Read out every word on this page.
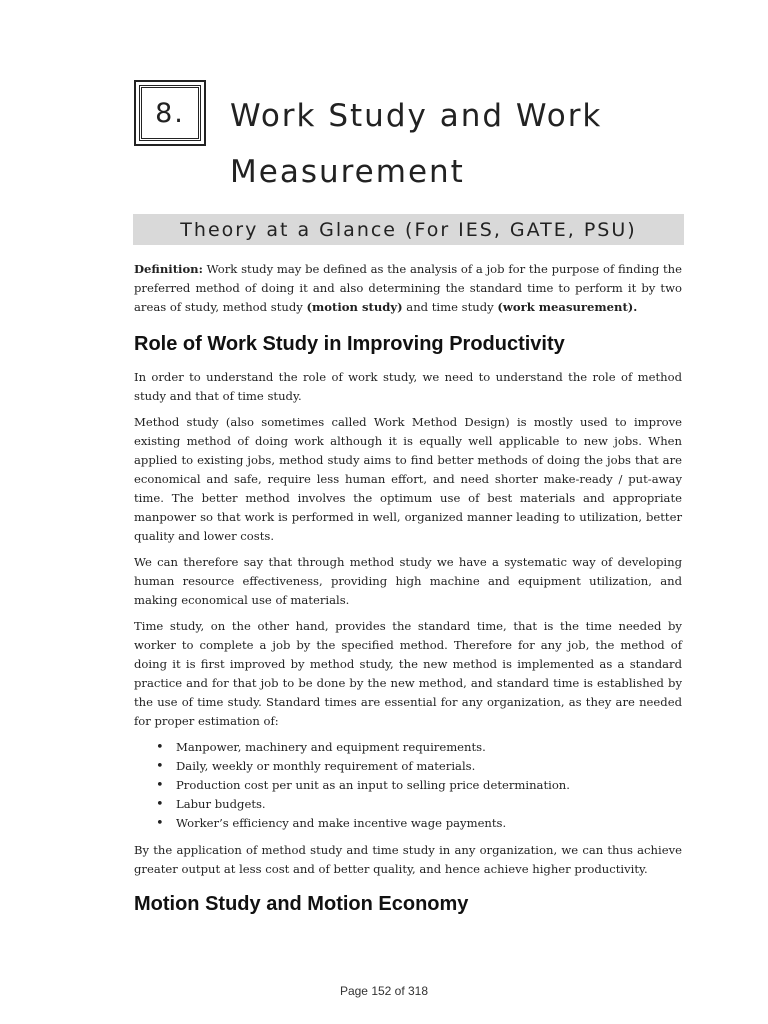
8.	Work Study and Work Measurement
Theory at a Glance (For IES, GATE, PSU)

Definition: Work study may be defined as the analysis of a job for the purpose of finding the preferred method of doing it and also determining the standard time to perform it by two areas of study, method study (motion study) and time study (work measurement).

Role of Work Study in Improving Productivity

In order to understand the role of work study, we need to understand the role of method study and that of time study.

Method study (also sometimes called Work Method Design) is mostly used to improve existing method of doing work although it is equally well applicable to new jobs. When applied to existing jobs, method study aims to find better methods of doing the jobs that are economical and safe, require less human effort, and need shorter make-ready / put-away time. The better method involves the optimum use of best materials and appropriate manpower so that work is performed in well, organized manner leading to utilization, better quality and lower costs.

We can therefore say that through method study we have a systematic way of developing human resource effectiveness, providing high machine and equipment utilization, and making economical use of materials.

Time study, on the other hand, provides the standard time, that is the time needed by worker to complete a job by the specified method. Therefore for any job, the method of doing it is first improved by method study, the new method is implemented as a standard practice and for that job to be done by the new method, and standard time is established by the use of time study. Standard times are essential for any organization, as they are needed for proper estimation of:

• Manpower, machinery and equipment requirements.
• Daily, weekly or monthly requirement of materials.
• Production cost per unit as an input to selling price determination.
• Labur budgets.
• Worker’s efficiency and make incentive wage payments.

By the application of method study and time study in any organization, we can thus achieve greater output at less cost and of better quality, and hence achieve higher productivity.

Motion Study and Motion Economy
Page 152 of 318
